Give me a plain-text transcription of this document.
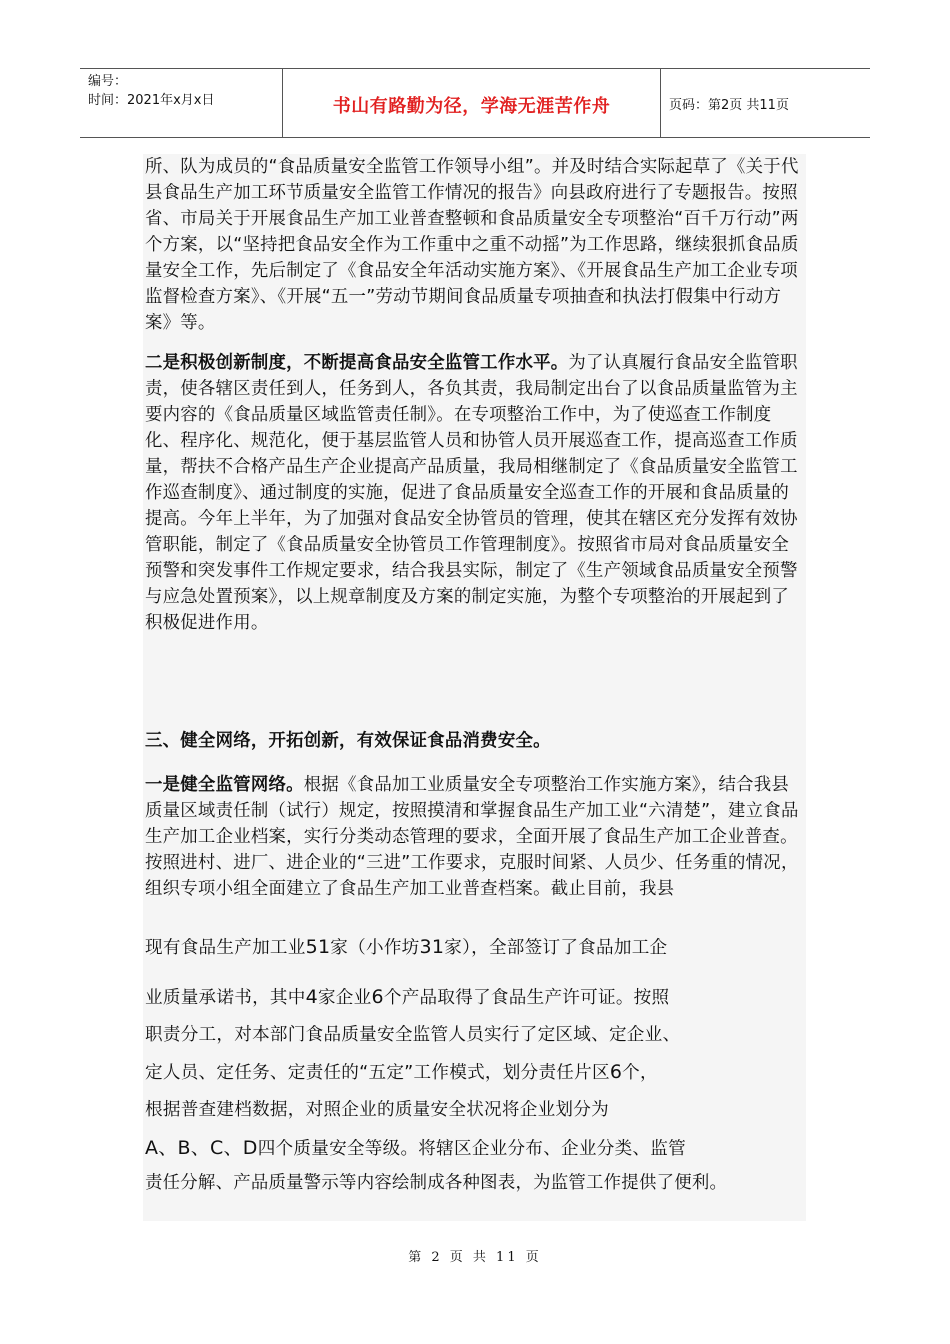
编号：
时间：2021年x月x日	书山有路勤为径，学海无涯苦作舟	页码：第2页 共11页

所、队为成员的“食品质量安全监管工作领导小组”。并及时结合实际起草了《关于代县食品生产加工环节质量安全监管工作情况的报告》向县政府进行了专题报告。按照省、市局关于开展食品生产加工业普查整顿和食品质量安全专项整治“百千万行动”两个方案，以“坚持把食品安全作为工作重中之重不动摇”为工作思路，继续狠抓食品质量安全工作，先后制定了《食品安全年活动实施方案》、《开展食品生产加工企业专项监督检查方案》、《开展“五一”劳动节期间食品质量专项抽查和执法打假集中行动方案》等。

二是积极创新制度，不断提高食品安全监管工作水平。为了认真履行食品安全监管职责，使各辖区责任到人，任务到人，各负其责，我局制定出台了以食品质量监管为主要内容的《食品质量区域监管责任制》。在专项整治工作中，为了使巡查工作制度化、程序化、规范化，便于基层监管人员和协管人员开展巡查工作，提高巡查工作质量，帮扶不合格产品生产企业提高产品质量，我局相继制定了《食品质量安全监管工作巡查制度》、通过制度的实施，促进了食品质量安全巡查工作的开展和食品质量的提高。今年上半年，为了加强对食品安全协管员的管理，使其在辖区充分发挥有效协管职能，制定了《食品质量安全协管员工作管理制度》。按照省市局对食品质量安全预警和突发事件工作规定要求，结合我县实际，制定了《生产领域食品质量安全预警与应急处置预案》，以上规章制度及方案的制定实施，为整个专项整治的开展起到了积极促进作用。

三、健全网络，开拓创新，有效保证食品消费安全。

一是健全监管网络。根据《食品加工业质量安全专项整治工作实施方案》，结合我县质量区域责任制（试行）规定，按照摸清和掌握食品生产加工业“六清楚”，建立食品生产加工企业档案，实行分类动态管理的要求，全面开展了食品生产加工企业普查。按照进村、进厂、进企业的“三进”工作要求，克服时间紧、人员少、任务重的情况，组织专项小组全面建立了食品生产加工业普查档案。截止目前，我县

现有食品生产加工业51家（小作坊31家），全部签订了食品加工企
业质量承诺书，其中4家企业6个产品取得了食品生产许可证。按照
职责分工，对本部门食品质量安全监管人员实行了定区域、定企业、
定人员、定任务、定责任的“五定”工作模式，划分责任片区6个，
根据普查建档数据，对照企业的质量安全状况将企业划分为
A、B、C、D四个质量安全等级。将辖区企业分布、企业分类、监管

责任分解、产品质量警示等内容绘制成各种图表，为监管工作提供了便利。

第 2 页 共 11 页
